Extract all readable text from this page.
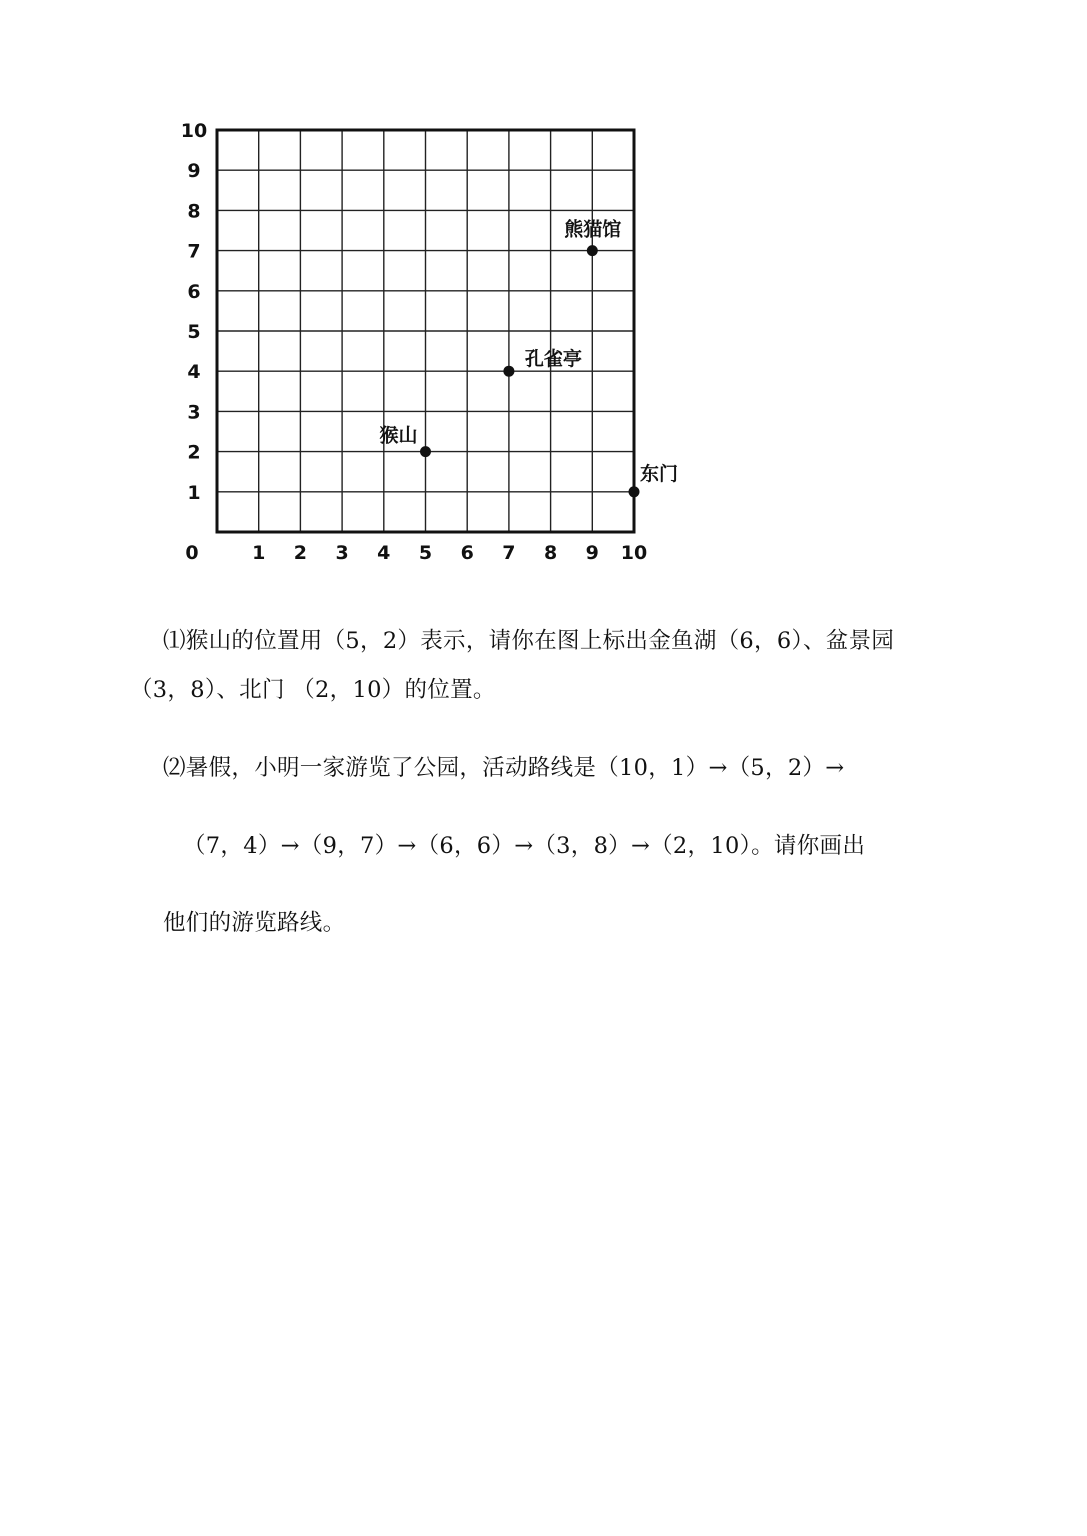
0	1 2 3 4 5 6 7 8 9 10
1
2
3
4
5
6
7
8
9
10
猴山
孔雀亭
熊猫馆
东门
⑴猴山的位置用（5，2）表示，请你在图上标出金鱼湖（6，6）、盆景园
（3，8）、北门 （2，10）的位置。
⑵暑假，小明一家游览了公园，活动路线是（10，1）→（5，2）→
（7，4）→（9，7）→（6，6）→（3，8）→（2，10）。请你画出
他们的游览路线。
